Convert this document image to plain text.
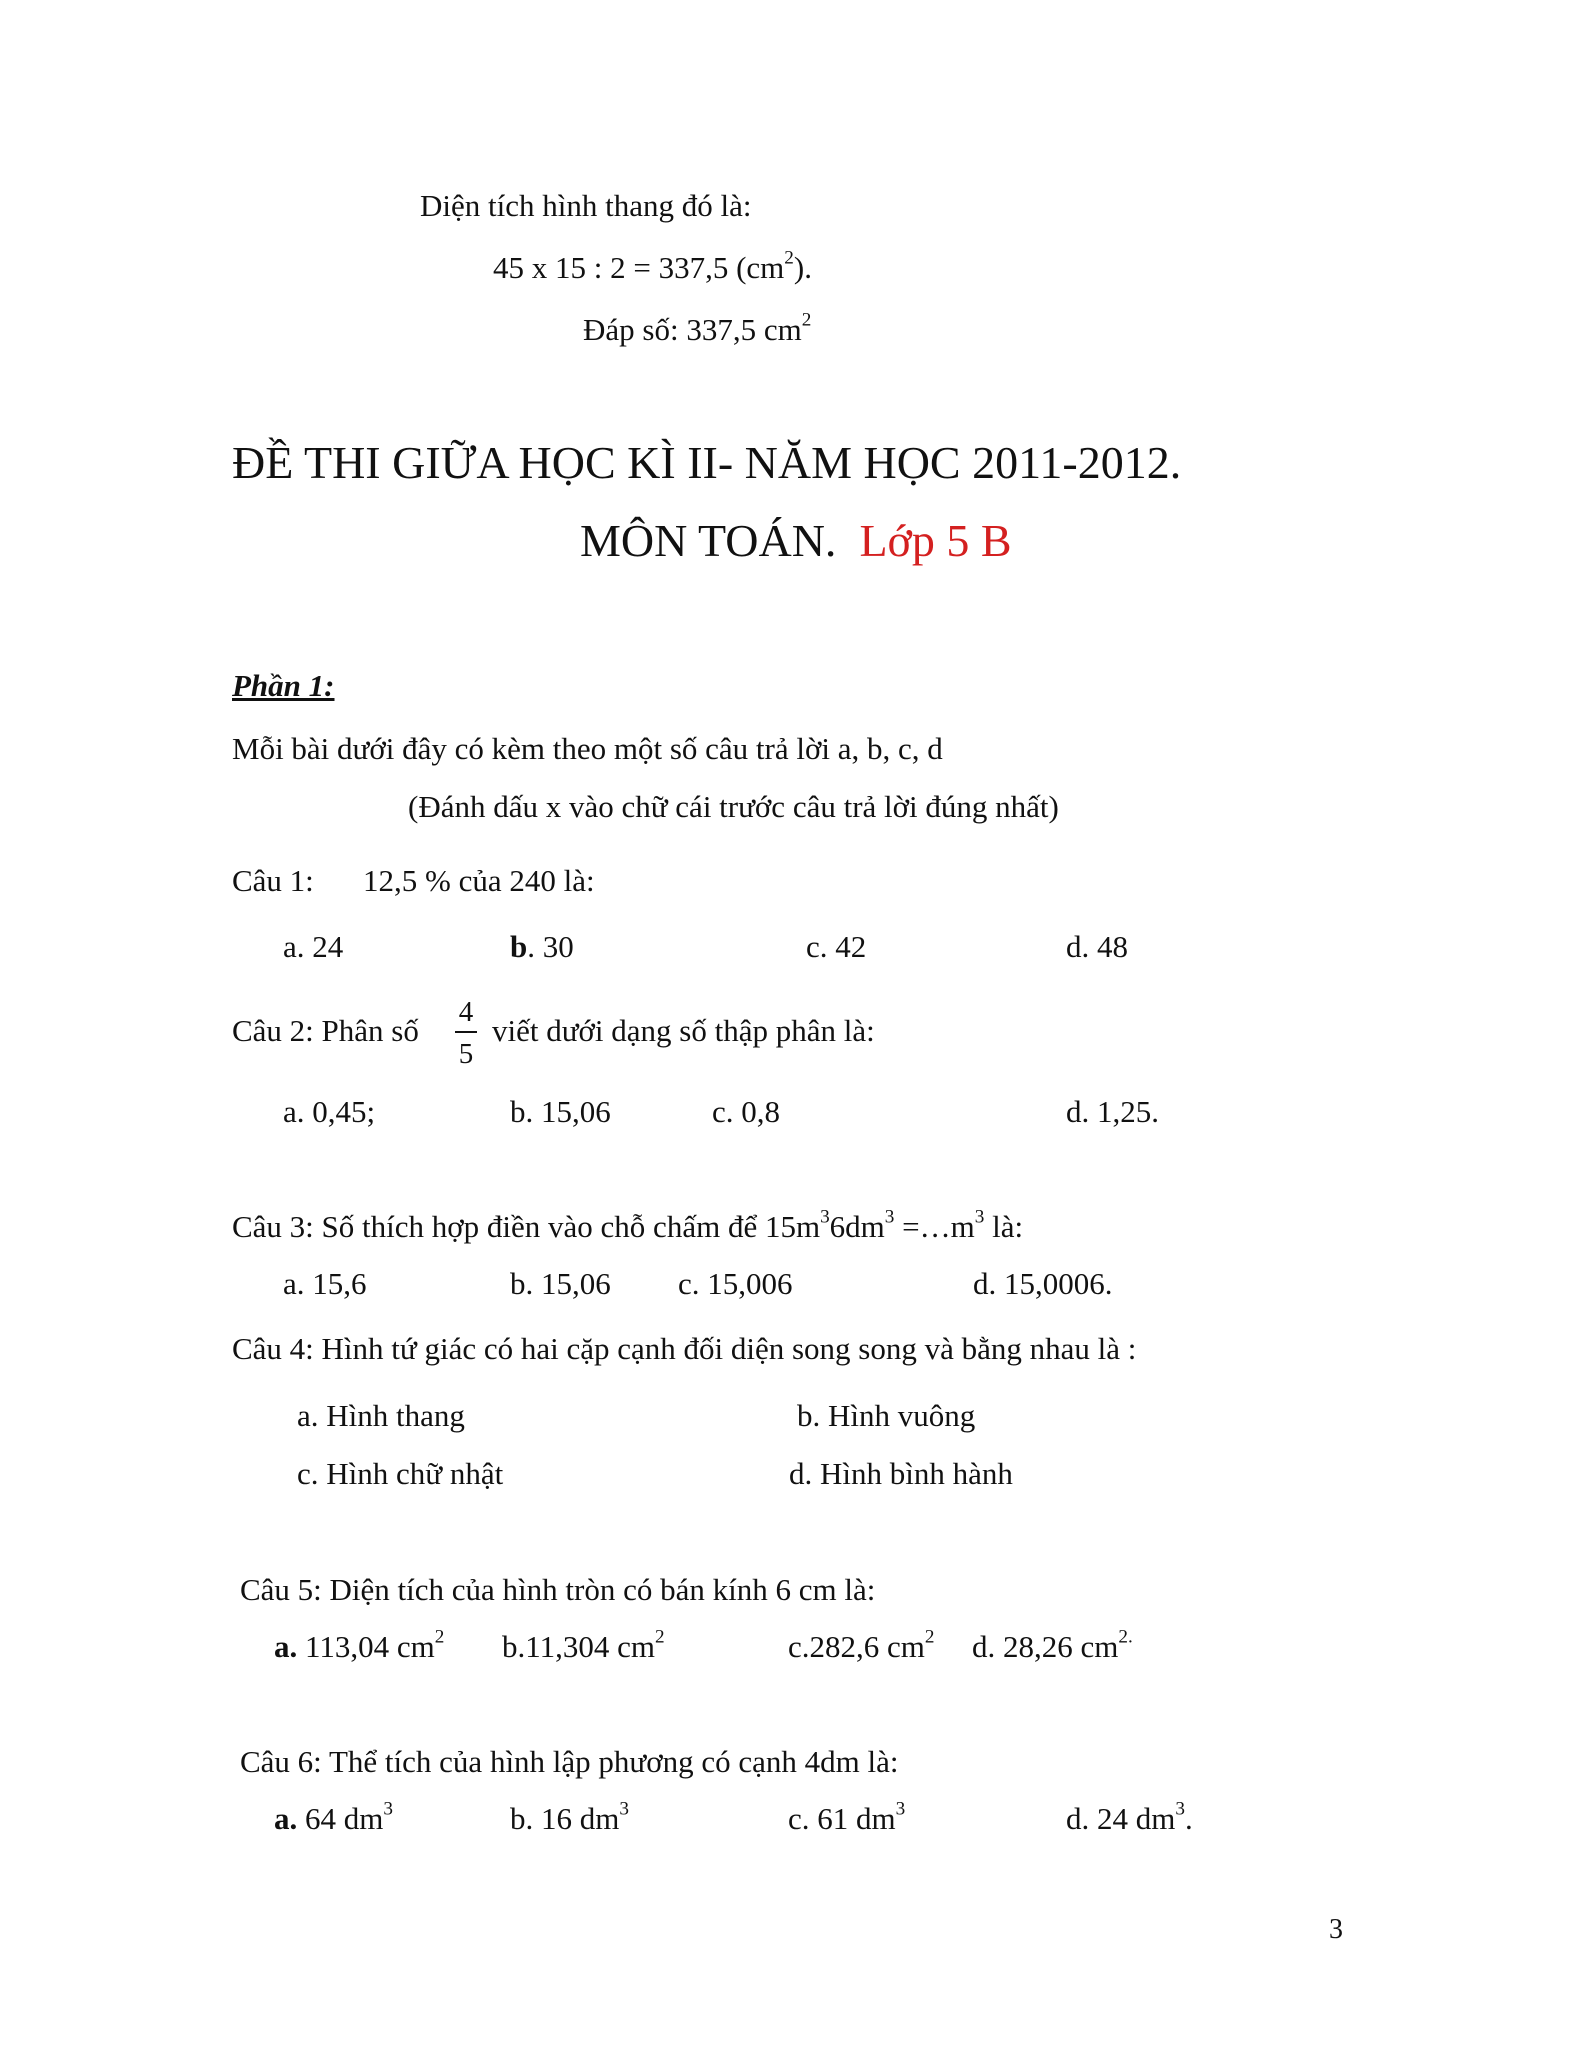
Diện tích hình thang đó là:
45 x 15 : 2 = 337,5 $(cm^2)$.
Đáp số: 337,5 $cm^2$
ĐỀ THI GIỮA HỌC KÌ II- NĂM HỌC 2011-2012.
MÔN TOÁN. Lớp 5 B
Phần 1:
Mỗi bài dưới đây có kèm theo một số câu trả lời a, b, c, d
(Đánh dấu x vào chữ cái trước câu trả lời đúng nhất)
Câu 1: 12,5 % của 240 là:
a. 24	b. 30	c. 42	d. 48
Câu 2: Phân số
4
5
viết dưới dạng số thập phân là:
a. 0,45;	b. 15,06	c. 0,8	d. 1,25.
Câu 3: Số thích hợp điền vào chỗ chấm để $15m^36dm^3$ $=\dots m^3$ là:
a. 15,6	b. 15,06 c. 15,006	d. 15,0006.
Câu 4: Hình tứ giác có hai cặp cạnh đối diện song song và bằng nhau là :
a. Hình thang	b. Hình vuông
c. Hình chữ nhật	d. Hình bình hành
Câu 5: Diện tích của hình tròn có bán kính 6 cm là:
a. 113,04 $cm^2$ b.11,304 $cm^2$	c.282,6 $cm^2$ d. 28,26 $cm^{2.}$
Câu 6: Thể tích của hình lập phương có cạnh 4dm là:
a. 64 $dm^3$	b. 16 $dm^3$	c. 61 $dm^3$	d. 24 $dm^3$.
3
